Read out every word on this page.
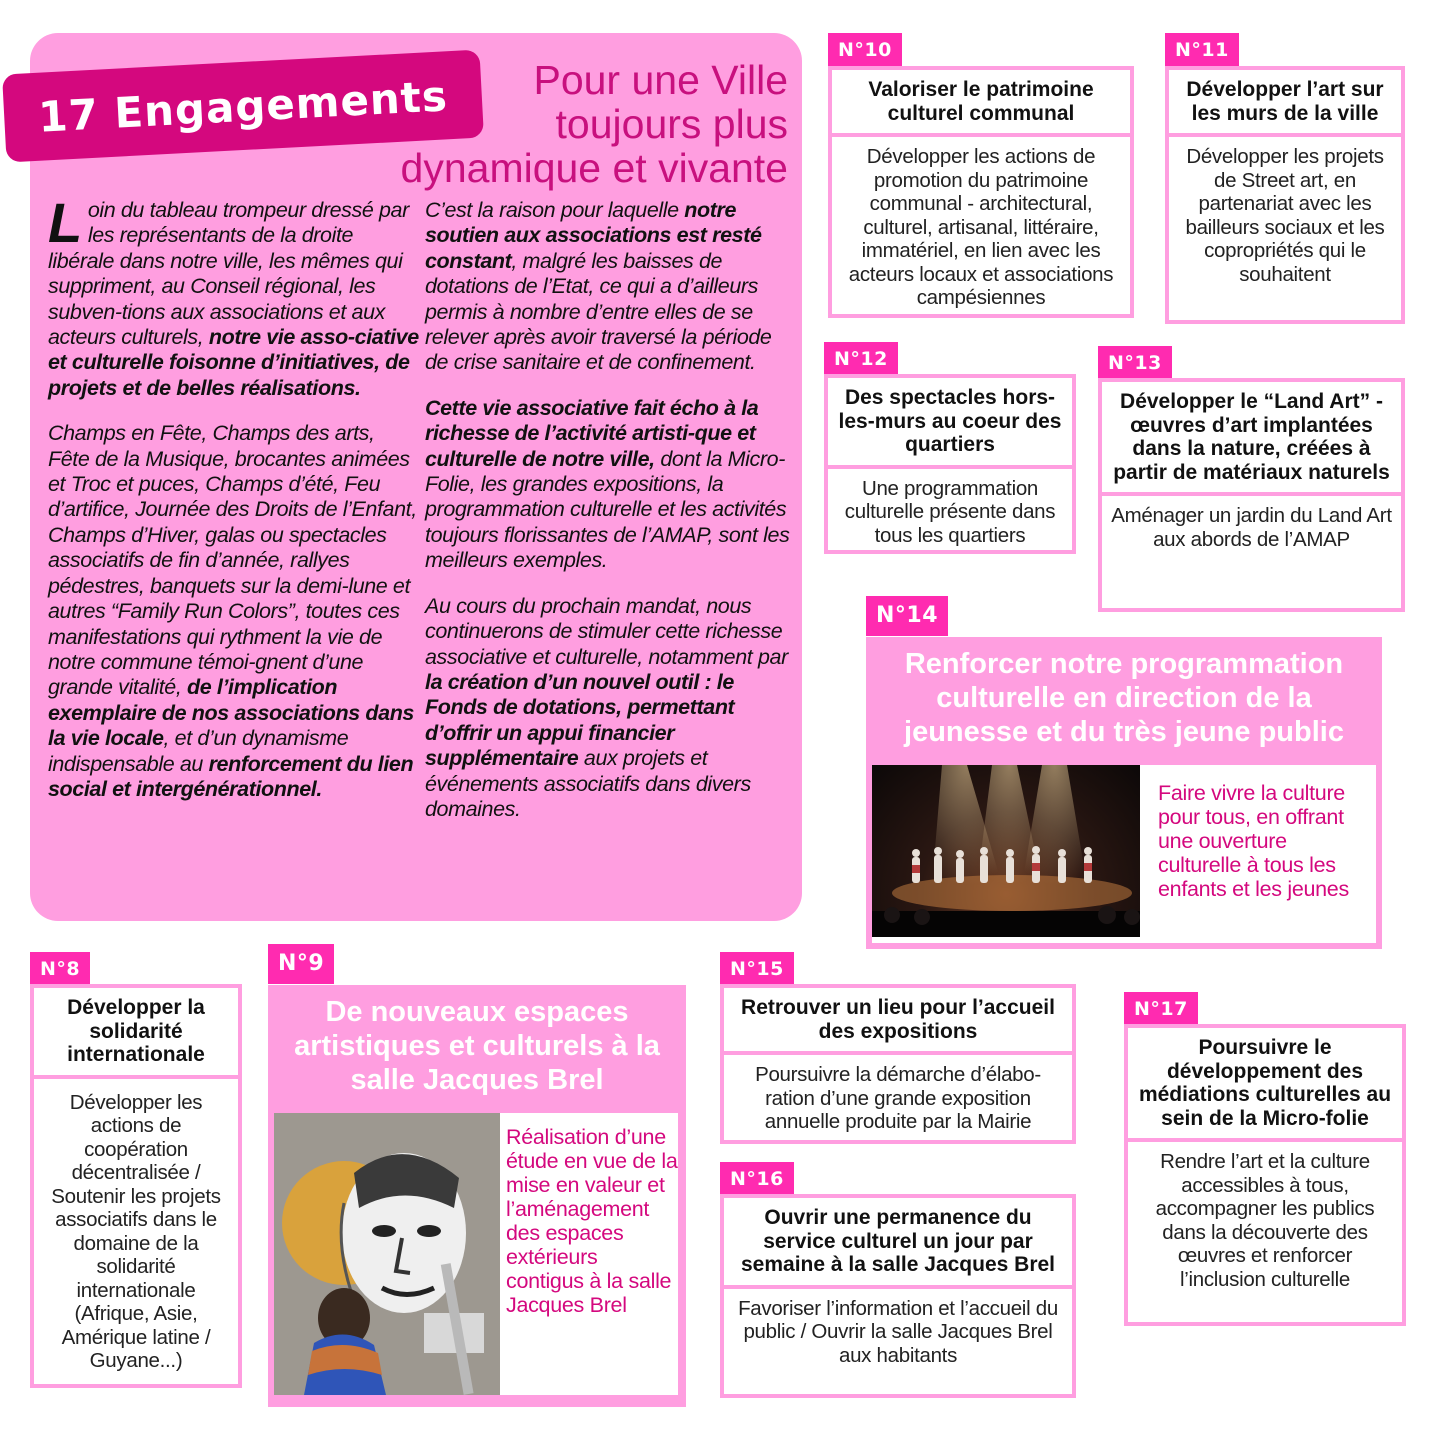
17 Engagements	Pour une Ville
toujours plus
dynamique et vivante

Loin du tableau trompeur dressé par les représentants de la droite libérale dans notre ville, les mêmes qui suppriment, au Conseil régional, les subven-tions aux associations et aux acteurs culturels, notre vie asso-ciative et culturelle foisonne d’initiatives, de projets et de belles réalisations.

Champs en Fête, Champs des arts, Fête de la Musique, brocantes animées et Troc et puces, Champs d’été, Feu d’artifice, Journée des Droits de l’Enfant, Champs d’Hiver, galas ou spectacles associatifs de fin d’année, rallyes pédestres, banquets sur la demi-lune et autres “Family Run Colors”, toutes ces manifestations qui rythment la vie de notre commune témoi-gnent d’une grande vitalité, de l’implication exemplaire de nos associations dans la vie locale, et d’un dynamisme indispensable au renforcement du lien social et intergénérationnel.

C’est la raison pour laquelle notre soutien aux associations est resté constant, malgré les baisses de dotations de l’Etat, ce qui a d’ailleurs permis à nombre d’entre elles de se relever après avoir traversé la période de crise sanitaire et de confinement.

Cette vie associative fait écho à la richesse de l’activité artisti-que et culturelle de notre ville, dont la Micro-Folie, les grandes expositions, la programmation culturelle et les activités toujours florissantes de l’AMAP, sont les meilleurs exemples.

Au cours du prochain mandat, nous continuerons de stimuler cette richesse associative et culturelle, notamment par la création d’un nouvel outil : le Fonds de dotations, permettant d’offrir un appui financier supplémentaire aux projets et événements associatifs dans divers domaines.

N°10
Valoriser le patrimoine culturel communal
Développer les actions de promotion du patrimoine communal - architectural, culturel, artisanal, littéraire, immatériel, en lien avec les acteurs locaux et associations campésiennes
N°11
Développer l’art sur les murs de la ville
Développer les projets de Street art, en partenariat avec les bailleurs sociaux et les copropriétés qui le souhaitent
N°12
Des spectacles hors-les-murs au coeur des quartiers
Une programmation culturelle présente dans tous les quartiers
N°13
Développer le “Land Art” - œuvres d’art implantées dans la nature, créées à partir de matériaux naturels
Aménager un jardin du Land Art aux abords de l’AMAP
N°14
Renforcer notre programmation culturelle en direction de la jeunesse et du très jeune public
Faire vivre la culture pour tous, en offrant une ouverture culturelle à tous les enfants et les jeunes
N°8
Développer la solidarité internationale
Développer les actions de coopération décentralisée / Soutenir les projets associatifs dans le domaine de la solidarité internationale (Afrique, Asie, Amérique latine / Guyane...)
N°9
De nouveaux espaces artistiques et culturels à la salle Jacques Brel
Réalisation d’une étude en vue de la mise en valeur et l’aménagement des espaces extérieurs contigus à la salle Jacques Brel
N°15
Retrouver un lieu pour l’accueil des expositions
Poursuivre la démarche d’élabo-ration d’une grande exposition annuelle produite par la Mairie
N°16
Ouvrir une permanence du service culturel un jour par semaine à la salle Jacques Brel
Favoriser l’information et l’accueil du public / Ouvrir la salle Jacques Brel aux habitants
N°17
Poursuivre le développement des médiations culturelles au sein de la Micro-folie
Rendre l’art et la culture accessibles à tous, accompagner les publics dans la découverte des œuvres et renforcer l’inclusion culturelle
